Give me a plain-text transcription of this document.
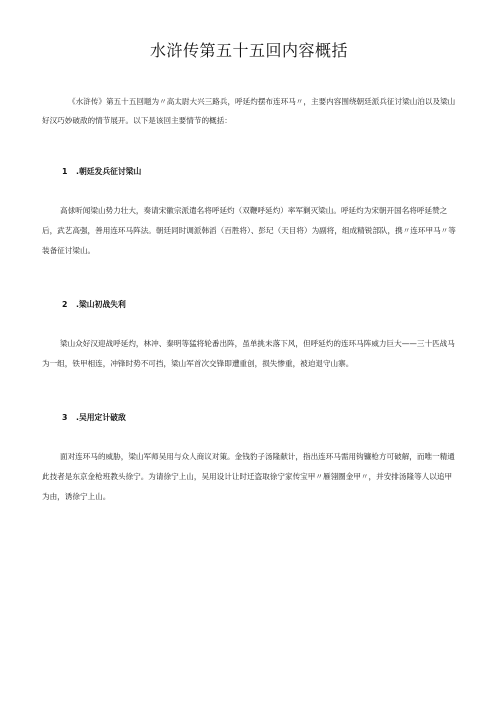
水浒传第五十五回内容概括

《水浒传》第五十五回题为〃高太尉大兴三路兵，呼延灼摆布连环马〃，主要内容围绕朝廷派兵征讨梁山泊以及梁山好汉巧妙破敌的情节展开。以下是该回主要情节的概括：

1 .朝廷发兵征讨梁山

高俅听闻梁山势力壮大，奏请宋徽宗派遣名将呼延灼（双鞭呼延灼）率军剿灭梁山。呼延灼为宋朝开国名将呼延赞之后，武艺高强，善用连环马阵法。朝廷同时调派韩滔（百胜将）、彭玘（天目将）为副将，组成精锐部队，携〃连环甲马〃等装备征讨梁山。

2 .梁山初战失利

梁山众好汉迎战呼延灼，林冲、秦明等猛将轮番出阵，虽单挑未落下风，但呼延灼的连环马阵威力巨大——三十匹战马为一组，铁甲相连，冲锋时势不可挡，梁山军首次交锋即遭重创，损失惨重，被迫退守山寨。

3 .吴用定计破敌

面对连环马的威胁，梁山军师吴用与众人商议对策。金钱豹子汤隆献计，指出连环马需用钩镰枪方可破解，而唯一精通此技者是东京金枪班教头徐宁。为请徐宁上山，吴用设计让时迁盗取徐宁家传宝甲〃雁翎圈金甲〃，并安排汤隆等人以追甲为由，诱徐宁上山。
